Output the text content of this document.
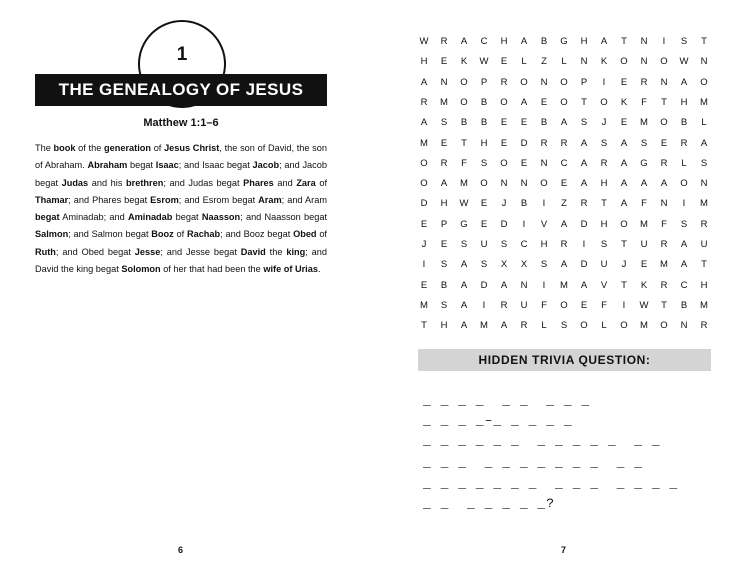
1
THE GENEALOGY OF JESUS
Matthew 1:1–6
The book of the generation of Jesus Christ, the son of David, the son of Abraham. Abraham begat Isaac; and Isaac begat Jacob; and Jacob begat Judas and his brethren; and Judas begat Phares and Zara of Thamar; and Phares begat Esrom; and Esrom begat Aram; and Aram begat Aminadab; and Aminadab begat Naasson; and Naasson begat Salmon; and Salmon begat Booz of Rachab; and Booz begat Obed of Ruth; and Obed begat Jesse; and Jesse begat David the king; and David the king begat Solomon of her that had been the wife of Urias.
6
W	R	A	C	H	A	B	G	H	A	T	N	I	S	T
H	E	K	W	E	L	Z	L	N	K	O	N	O	W	N
A	N	O	P	R	O	N	O	P	I	E	R	N	A	O
R	M	O	B	O	A	E	O	T	O	K	F	T	H	M
A	S	B	B	E	E	B	A	S	J	E	M	O	B	L
M	E	T	H	E	D	R	R	A	S	A	S	E	R	A
O	R	F	S	O	E	N	C	A	R	A	G	R	L	S
O	A	M	O	N	N	O	E	A	H	A	A	A	O	N
D	H	W	E	J	B	I	Z	R	T	A	F	N	I	M
E	P	G	E	D	I	V	A	D	H	O	M	F	S	R
J	E	S	U	S	C	H	R	I	S	T	U	R	A	U
I	S	A	S	X	X	S	A	D	U	J	E	M	A	T
E	B	A	D	A	N	I	M	A	V	T	K	R	C	H
M	S	A	I	R	U	F	O	E	F	I	W	T	B	M
T	H	A	M	A	R	L	S	O	L	O	M	O	N	R
HIDDEN TRIVIA QUESTION:
_ _ _ _  _ _  _ _ _
_ _ _ _–_ _ _ _ _
_ _ _ _ _ _  _ _ _ _ _  _ _
_ _ _  _ _ _ _ _ _ _  _ _
_ _ _ _ _ _ _  _ _ _  _ _ _ _
_ _  _ _ _ _ _?
7
